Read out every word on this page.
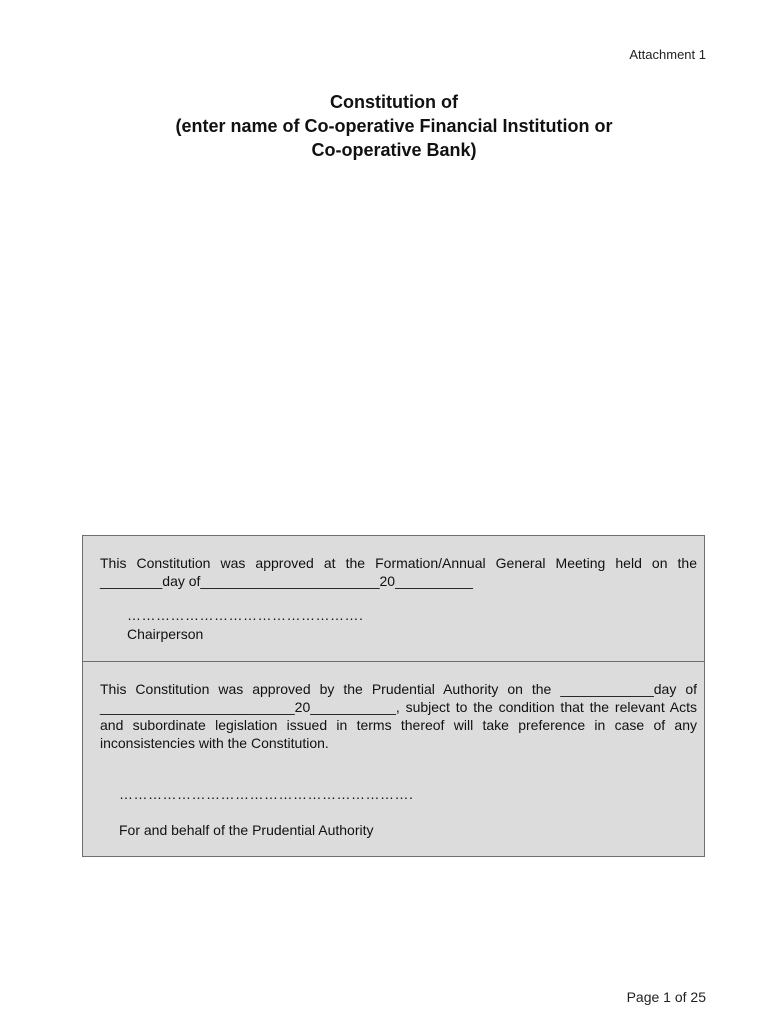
Attachment 1
Constitution of
(enter name of Co-operative Financial Institution or
Co-operative Bank)
This Constitution was approved at the Formation/Annual General Meeting held on the
________day of_______________________20__________
………………………………………….
Chairperson
This Constitution was approved by the Prudential Authority on the ____________day of _________________________20___________, subject to the condition that the relevant Acts and subordinate legislation issued in terms thereof will take preference in case of any inconsistencies with the Constitution.
…………………………………………………….
For and behalf of the Prudential Authority
Page 1 of 25
